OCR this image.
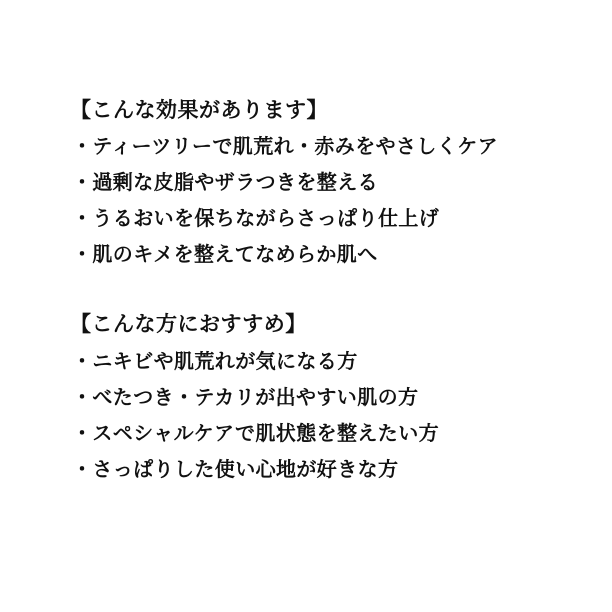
【こんな効果があります】
・ティーツリーで肌荒れ・赤みをやさしくケア
・過剰な皮脂やザラつきを整える
・うるおいを保ちながらさっぱり仕上げ
・肌のキメを整えてなめらか肌へ
【こんな方におすすめ】
・ニキビや肌荒れが気になる方
・べたつき・テカリが出やすい肌の方
・スペシャルケアで肌状態を整えたい方
・さっぱりした使い心地が好きな方
